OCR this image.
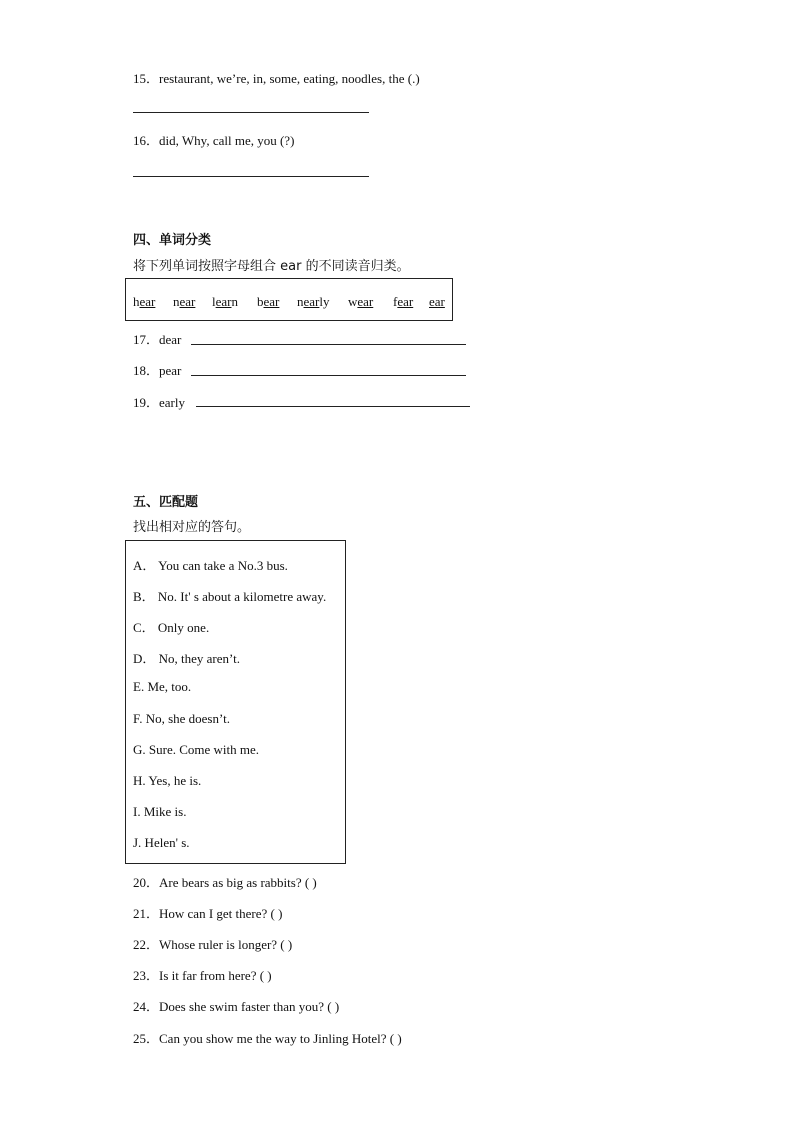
15．restaurant, we’re, in, some, eating, noodles, the (.)
16．did, Why, call me, you (?)
四、单词分类
将下列单词按照字母组合 ear 的不同读音归类。
hear near learn bear nearly wear fear ear
17．dear
18．pear
19．early
五、匹配题
找出相对应的答句。
A． You can take a No.3 bus.
B． No. It' s about a kilometre away.
C． Only one.
D． No, they aren’t.
E. Me, too.
F. No, she doesn’t.
G. Sure. Come with me.
H. Yes, he is.
I. Mike is.
J. Helen' s.
20．Are bears as big as rabbits? ( )
21．How can I get there? ( )
22．Whose ruler is longer? ( )
23．Is it far from here? ( )
24．Does she swim faster than you? ( )
25．Can you show me the way to Jinling Hotel? ( )
